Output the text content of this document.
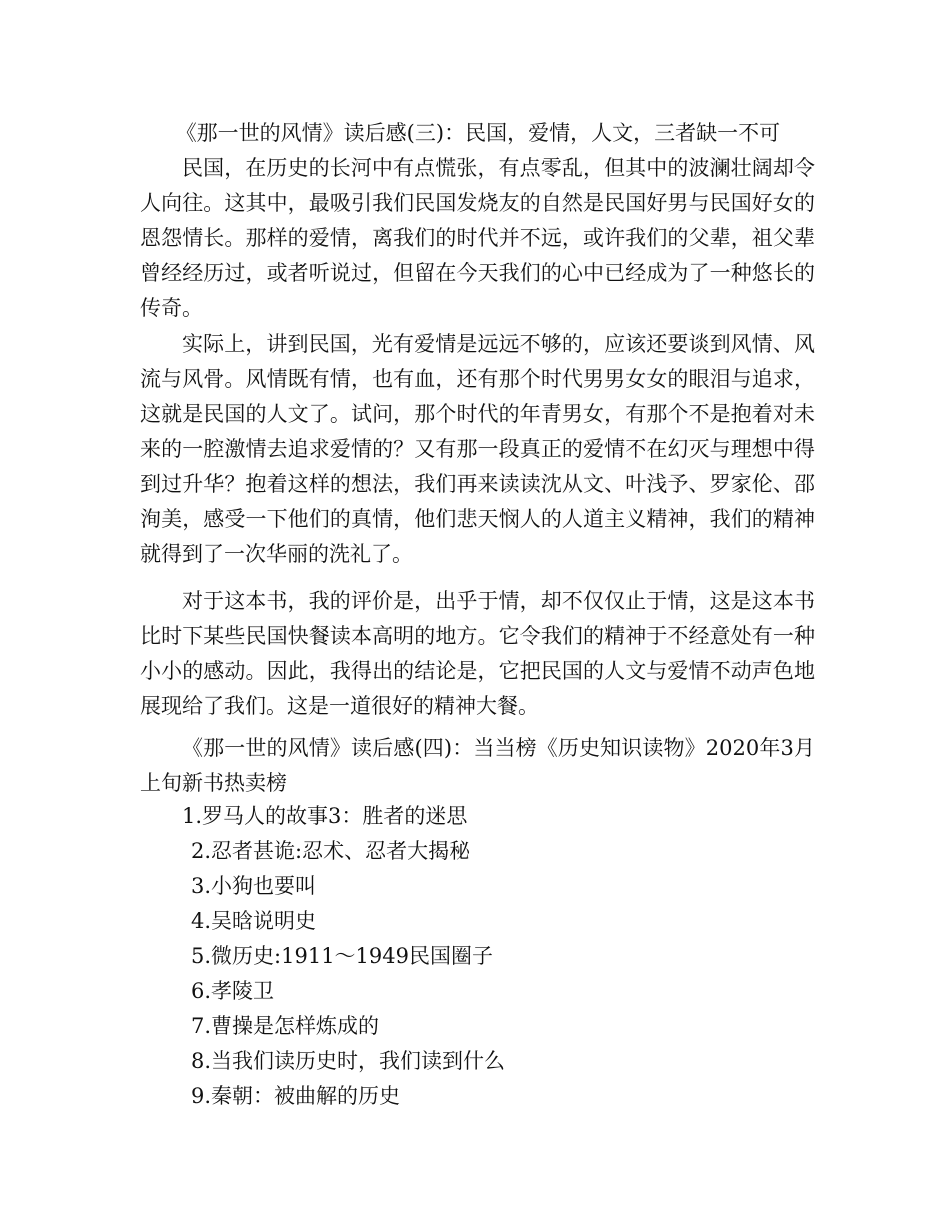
《那一世的风情》读后感(三)：民国，爱情，人文，三者缺一不可

民国，在历史的长河中有点慌张，有点零乱，但其中的波澜壮阔却令人向往。这其中，最吸引我们民国发烧友的自然是民国好男与民国好女的恩怨情长。那样的爱情，离我们的时代并不远，或许我们的父辈，祖父辈曾经经历过，或者听说过，但留在今天我们的心中已经成为了一种悠长的传奇。

实际上，讲到民国，光有爱情是远远不够的，应该还要谈到风情、风流与风骨。风情既有情，也有血，还有那个时代男男女女的眼泪与追求，这就是民国的人文了。试问，那个时代的年青男女，有那个不是抱着对未来的一腔激情去追求爱情的？又有那一段真正的爱情不在幻灭与理想中得到过升华？抱着这样的想法，我们再来读读沈从文、叶浅予、罗家伦、邵洵美，感受一下他们的真情，他们悲天悯人的人道主义精神，我们的精神就得到了一次华丽的洗礼了。

对于这本书，我的评价是，出乎于情，却不仅仅止于情，这是这本书比时下某些民国快餐读本高明的地方。它令我们的精神于不经意处有一种小小的感动。因此，我得出的结论是，它把民国的人文与爱情不动声色地展现给了我们。这是一道很好的精神大餐。

《那一世的风情》读后感(四)：当当榜《历史知识读物》2020年3月上旬新书热卖榜

1.罗马人的故事3：胜者的迷思

2.忍者甚诡:忍术、忍者大揭秘

3.小狗也要叫

4.吴晗说明史

5.微历史:1911～1949民国圈子

6.孝陵卫

7.曹操是怎样炼成的

8.当我们读历史时，我们读到什么

9.秦朝：被曲解的历史
